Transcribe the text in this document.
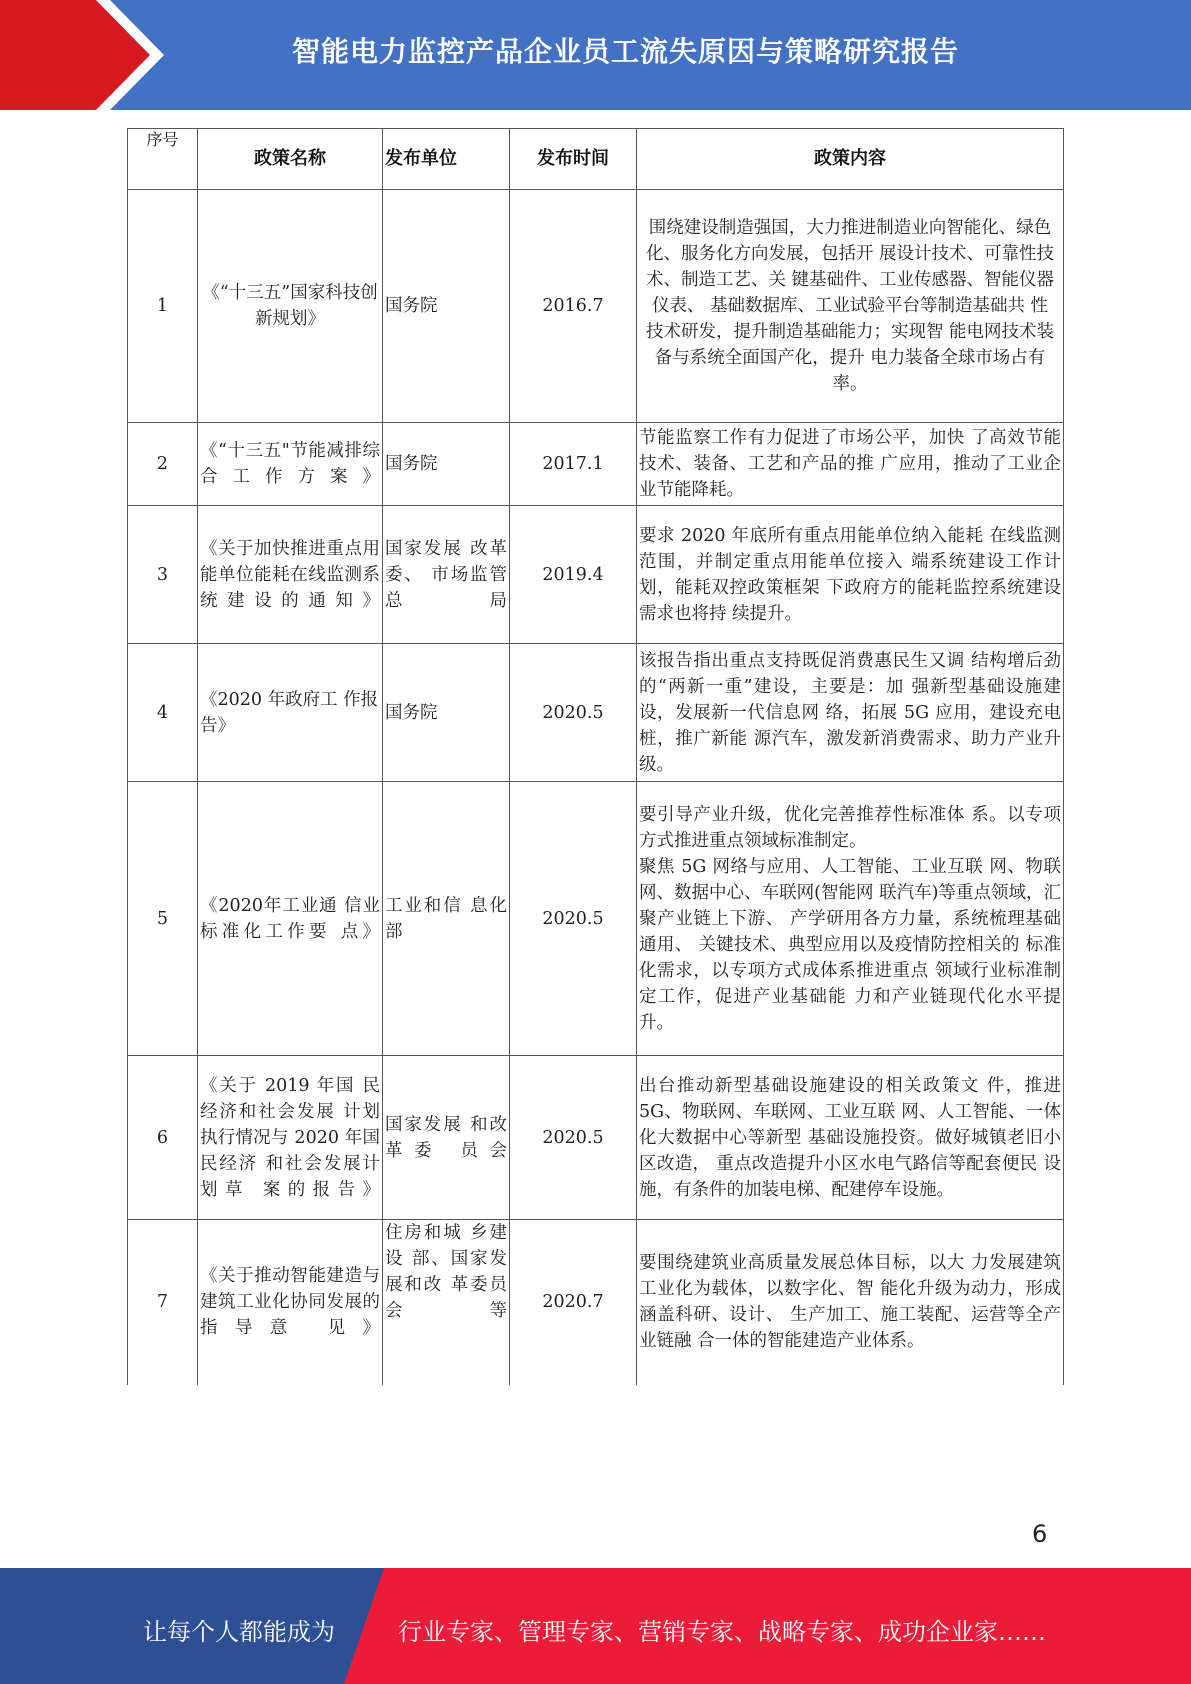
智能电力监控产品企业员工流失原因与策略研究报告
序号	政策名称	发布单位	发布时间	政策内容
1	《“十三五”国家科技创新规划》	国务院	2016.7	围绕建设制造强国，大力推进制造业向智能化、绿色化、服务化方向发展，包括开 展设计技术、可靠性技术、制造工艺、关 键基础件、工业传感器、智能仪器仪表、 基础数据库、工业试验平台等制造基础共 性技术研发，提升制造基础能力；实现智 能电网技术装备与系统全面国产化，提升 电力装备全球市场占有率。
2	《“十三五"节能减排综合工作方案》	国务院	2017.1	节能监察工作有力促进了市场公平，加快 了高效节能技术、装备、工艺和产品的推 广应用，推动了工业企业节能降耗。
3	《关于加快推进重点用能单位能耗在线监测系统建设的通知》	国家发展 改革委、 市场监管 总局	2019.4	要求 2020 年底所有重点用能单位纳入能耗 在线监测范围，并制定重点用能单位接入 端系统建设工作计划，能耗双控政策框架 下政府方的能耗监控系统建设需求也将持 续提升。
4	《2020 年政府工 作报告》	国务院	2020.5	该报告指出重点支持既促消费惠民生又调 结构增后劲的“两新一重”建设，主要是：加 强新型基础设施建设，发展新一代信息网 络，拓展 5G 应用，建设充电桩，推广新能 源汽车，激发新消费需求、助力产业升级。
5	《2020年工业通 信业标准化工作要 点》	工业和信 息化部	2020.5	要引导产业升级，优化完善推荐性标准体 系。以专项方式推进重点领域标准制定。
聚焦 5G 网络与应用、人工智能、工业互联 网、物联网、数据中心、车联网(智能网 联汽车)等重点领域，汇聚产业链上下游、 产学研用各方力量，系统梳理基础通用、 关键技术、典型应用以及疫情防控相关的 标准化需求，以专项方式成体系推进重点 领域行业标准制定工作，促进产业基础能 力和产业链现代化水平提升。
6	《关于 2019 年国 民经济和社会发展 计划执行情况与 2020 年国民经济 和社会发展计划草 案的报告》	国家发展 和改革委 员会	2020.5	出台推动新型基础设施建设的相关政策文 件，推进 5G、物联网、车联网、工业互联 网、人工智能、一体化大数据中心等新型 基础设施投资。做好城镇老旧小区改造， 重点改造提升小区水电气路信等配套便民 设施，有条件的加装电梯、配建停车设施。
7	《关于推动智能建造与建筑工业化协同发展的指导意 见》	住房和城 乡建设 部、国家发展和改 革委员会 等	2020.7	要围绕建筑业高质量发展总体目标，以大 力发展建筑工业化为载体，以数字化、智 能化升级为动力，形成涵盖科研、设计、 生产加工、施工装配、运营等全产业链融 合一体的智能建造产业体系。
6
让每个人都能成为	行业专家、管理专家、营销专家、战略专家、成功企业家……
